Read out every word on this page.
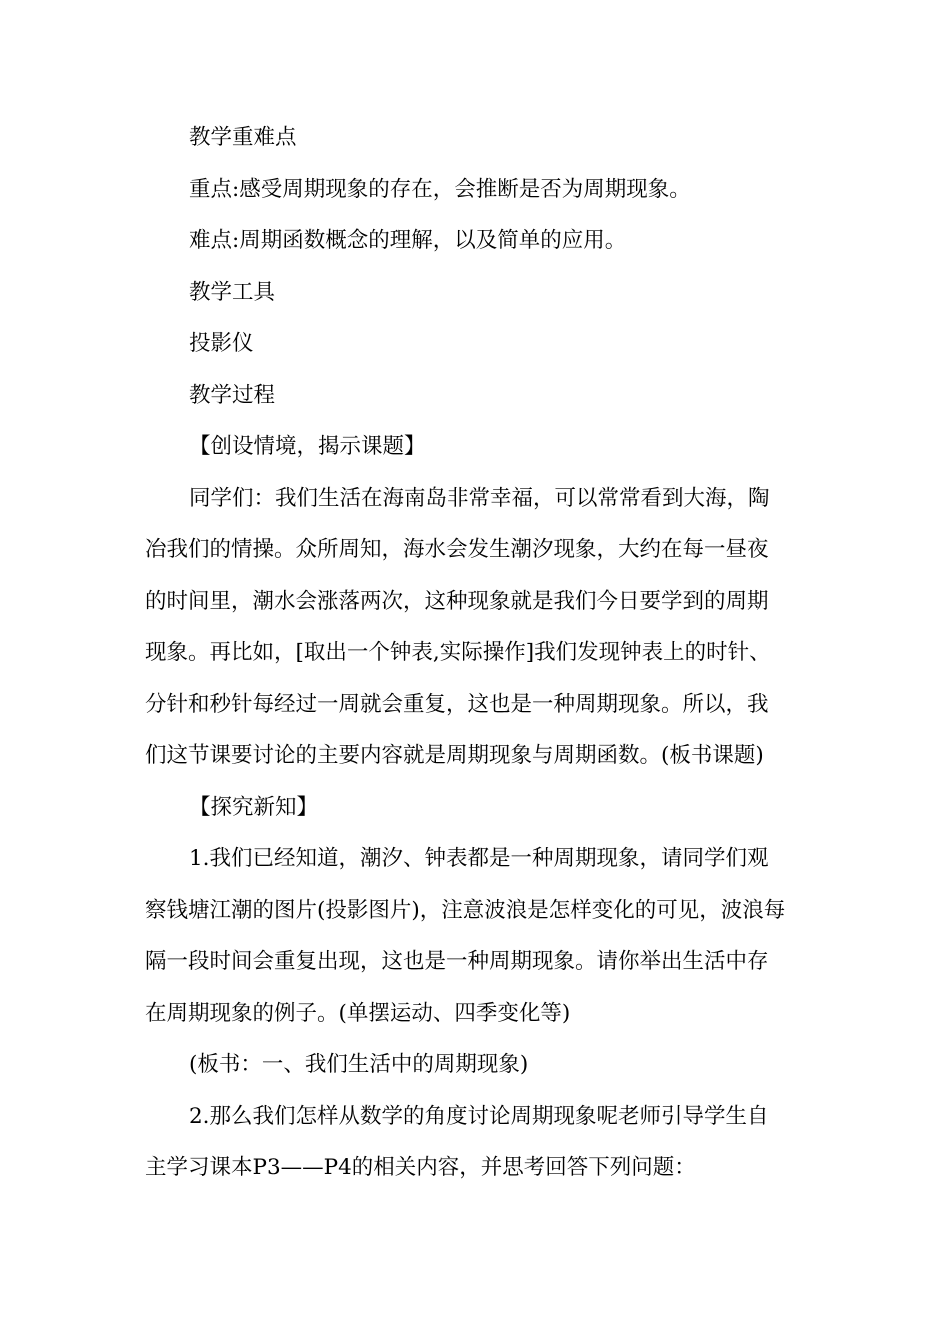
教学重难点

重点:感受周期现象的存在，会推断是否为周期现象。

难点:周期函数概念的理解，以及简单的应用。

教学工具

投影仪

教学过程

【创设情境，揭示课题】

同学们：我们生活在海南岛非常幸福，可以常常看到大海，陶
冶我们的情操。众所周知，海水会发生潮汐现象，大约在每一昼夜
的时间里，潮水会涨落两次，这种现象就是我们今日要学到的周期
现象。再比如，[取出一个钟表,实际操作]我们发现钟表上的时针、
分针和秒针每经过一周就会重复，这也是一种周期现象。所以，我
们这节课要讨论的主要内容就是周期现象与周期函数。(板书课题)

【探究新知】

1.我们已经知道，潮汐、钟表都是一种周期现象，请同学们观
察钱塘江潮的图片(投影图片)，注意波浪是怎样变化的可见，波浪每
隔一段时间会重复出现，这也是一种周期现象。请你举出生活中存
在周期现象的例子。(单摆运动、四季变化等)

(板书：一、我们生活中的周期现象)

2.那么我们怎样从数学的角度讨论周期现象呢老师引导学生自
主学习课本P3——P4的相关内容，并思考回答下列问题：
